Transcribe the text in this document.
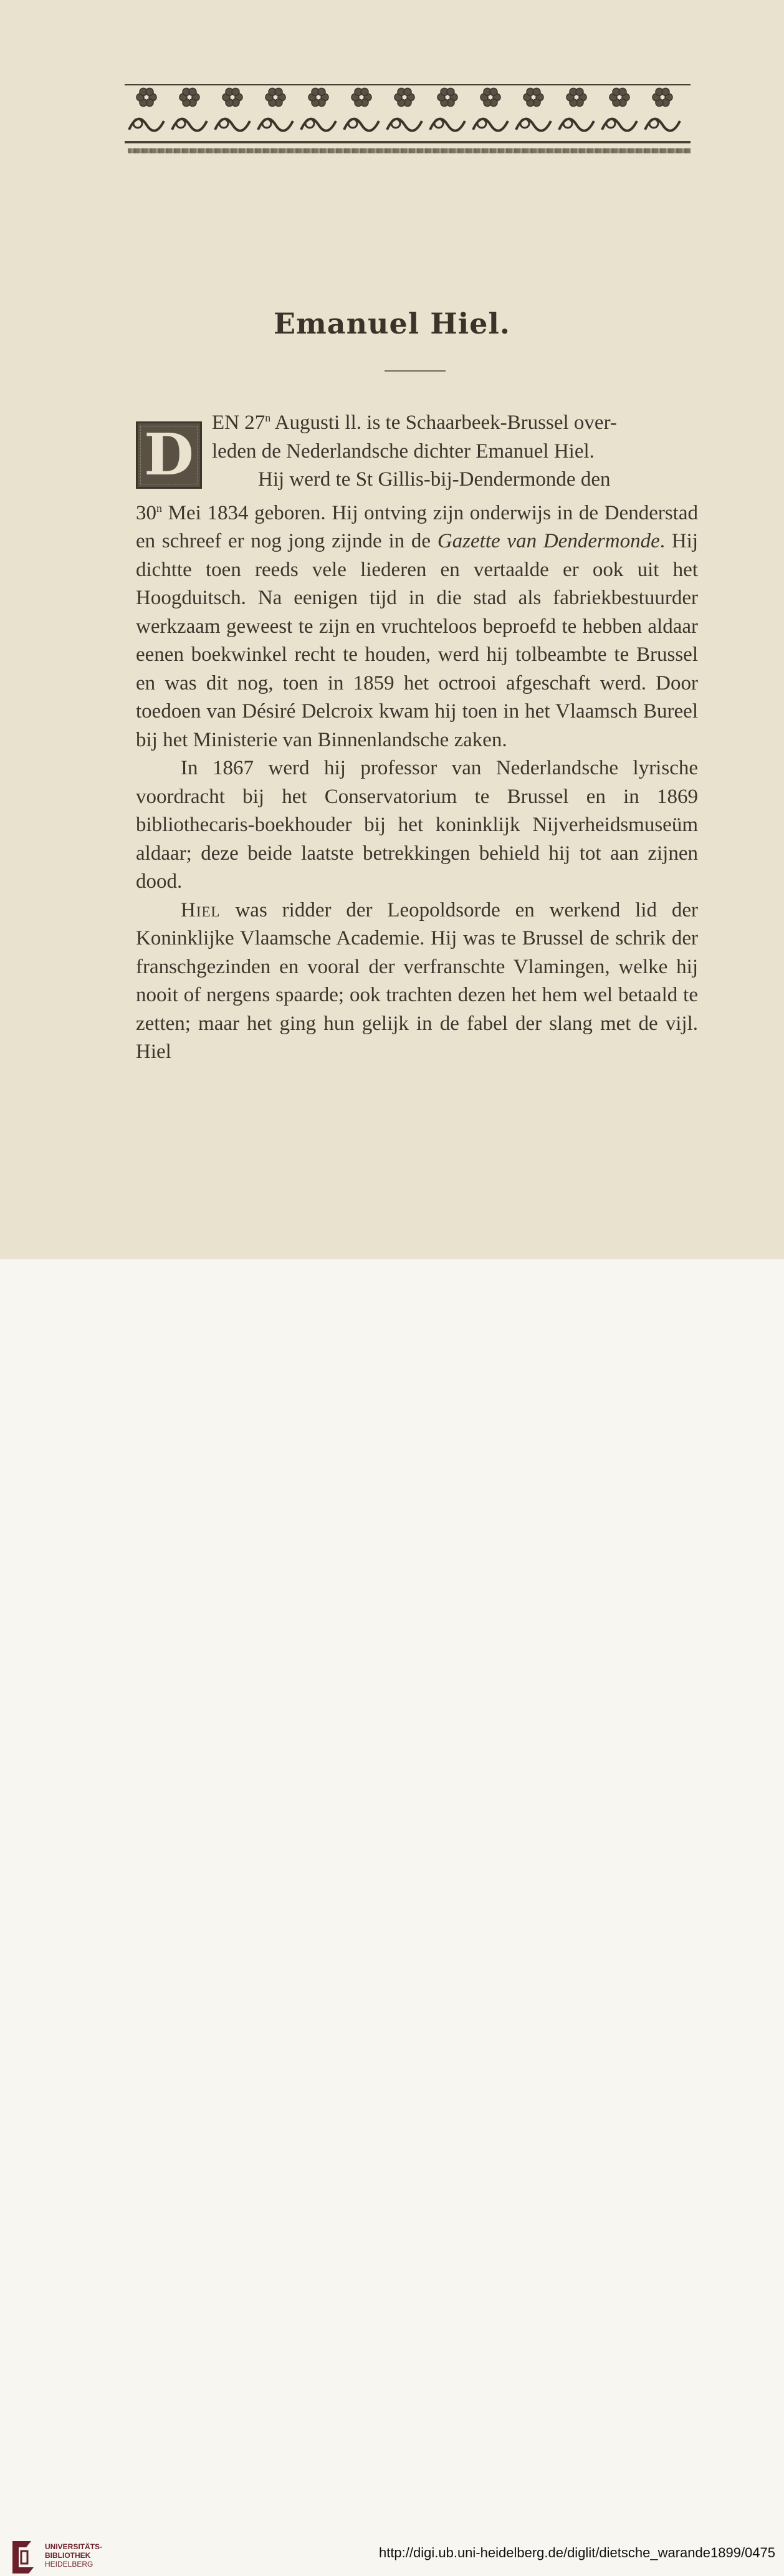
Emanuel Hiel.
D EN 27$^n$ Augusti ll. is te Schaarbeek-Brussel over-
leden de Nederlandsche dichter Emanuel Hiel.
Hij werd te St Gillis-bij-Dendermonde den
30$^n$ Mei 1834 geboren. Hij ontving zijn onderwijs in de Denderstad en schreef er nog jong zijnde in de Gazette van Dendermonde. Hij dichtte toen reeds vele liederen en vertaalde er ook uit het Hoogduitsch. Na eenigen tijd in die stad als fabriekbestuurder werkzaam geweest te zijn en vruchteloos beproefd te hebben aldaar eenen boekwinkel recht te houden, werd hij tolbeambte te Brussel en was dit nog, toen in 1859 het octrooi afgeschaft werd. Door toedoen van Désiré Delcroix kwam hij toen in het Vlaamsch Bureel bij het Ministerie van Binnenlandsche zaken.

In 1867 werd hij professor van Nederlandsche lyrische voordracht bij het Conservatorium te Brussel en in 1869 bibliothecaris-boekhouder bij het koninklijk Nijverheidsmuseüm aldaar; deze beide laatste betrekkingen behield hij tot aan zijnen dood.

Hiel was ridder der Leopoldsorde en werkend lid der Koninklijke Vlaamsche Academie. Hij was te Brussel de schrik der franschgezinden en vooral der verfranschte Vlamingen, welke hij nooit of nergens spaarde; ook trachten dezen het hem wel betaald te zetten; maar het ging hun gelijk in de fabel der slang met de vijl. Hiel

UNIVERSITÄTS-
BIBLIOTHEK
HEIDELBERG
http://digi.ub.uni-heidelberg.de/diglit/dietsche_warande1899/0475
